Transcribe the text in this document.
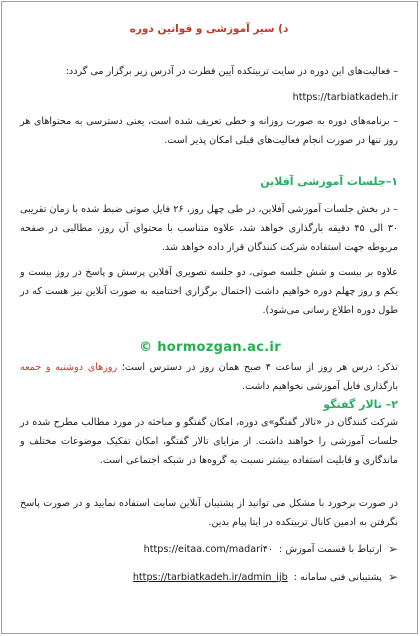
د) سیر آموزشی و قوانین دوره
– فعالیت‌های این دوره در سایت تربیتکده آیین فطرت در آدرس زیر برگزار می گردد:
https://tarbiatkadeh.ir
– برنامه‌های دوره به صورت روزانه و خطی تعریف شده است، یعنی دسترسی به محتواهای هر روز تنها در صورت انجام فعالیت‌های قبلی امکان پذیر است.
۱–جلسات آموزشی آفلاین
– در بخش جلسات آموزشی آفلاین، در طی چهل روز، ۲۶ فایل صوتی ضبط شده با زمان تقریبی ۳۰ الی ۴۵ دقیقه بارگذاری خواهد شد، علاوه متناسب با محتوای آن روز، مطالبی در صفحه مربوطه جهت استفاده شرکت کنندگان قرار داده خواهد شد.
علاوه بر بیست و شش جلسه صوتی، دو جلسه تصویری آفلاین پرسش و پاسخ در روز بیست و یکم و روز چهلم دوره خواهیم داشت (احتمال برگزاری اختتامیه به صورت آنلاین نیز هست که در طول دوره اطلاع رسانی می‌شود).
تذکر: درس هر روز از ساعت ۴ صبح همان روز در دسترس است؛ روزهای دوشنبه و جمعه بارگذاری فایل آموزشی نخواهیم داشت.
۲– تالار گفتگو
شرکت کنندگان در «تالار گفتگو»ی دوره، امکان گفتگو و مباحثه در مورد مطالب مطرح شده در جلسات آموزشی را خواهند داشت. از مزایای تالار گفتگو، امکان تفکیک موضوعات مختلف و ماندگاری و قابلیت استفاده بیشتر نسبت به گروه‌ها در شبکه اجتماعی است.
در صورت برخورد با مشکل می توانید از پشتیبان آنلاین سایت استفاده نمایید و در صورت پاسخ نگرفتن به ادمین کانال تربیتکده در ایتا پیام بدین.
➢
ارتباط با قسمت آموزش :
https://eitaa.com/madari۴۰
➢
پشتیبانی فنی سامانه :
https://tarbiatkadeh.ir/admin_ijb
© hormozgan.ac.ir
